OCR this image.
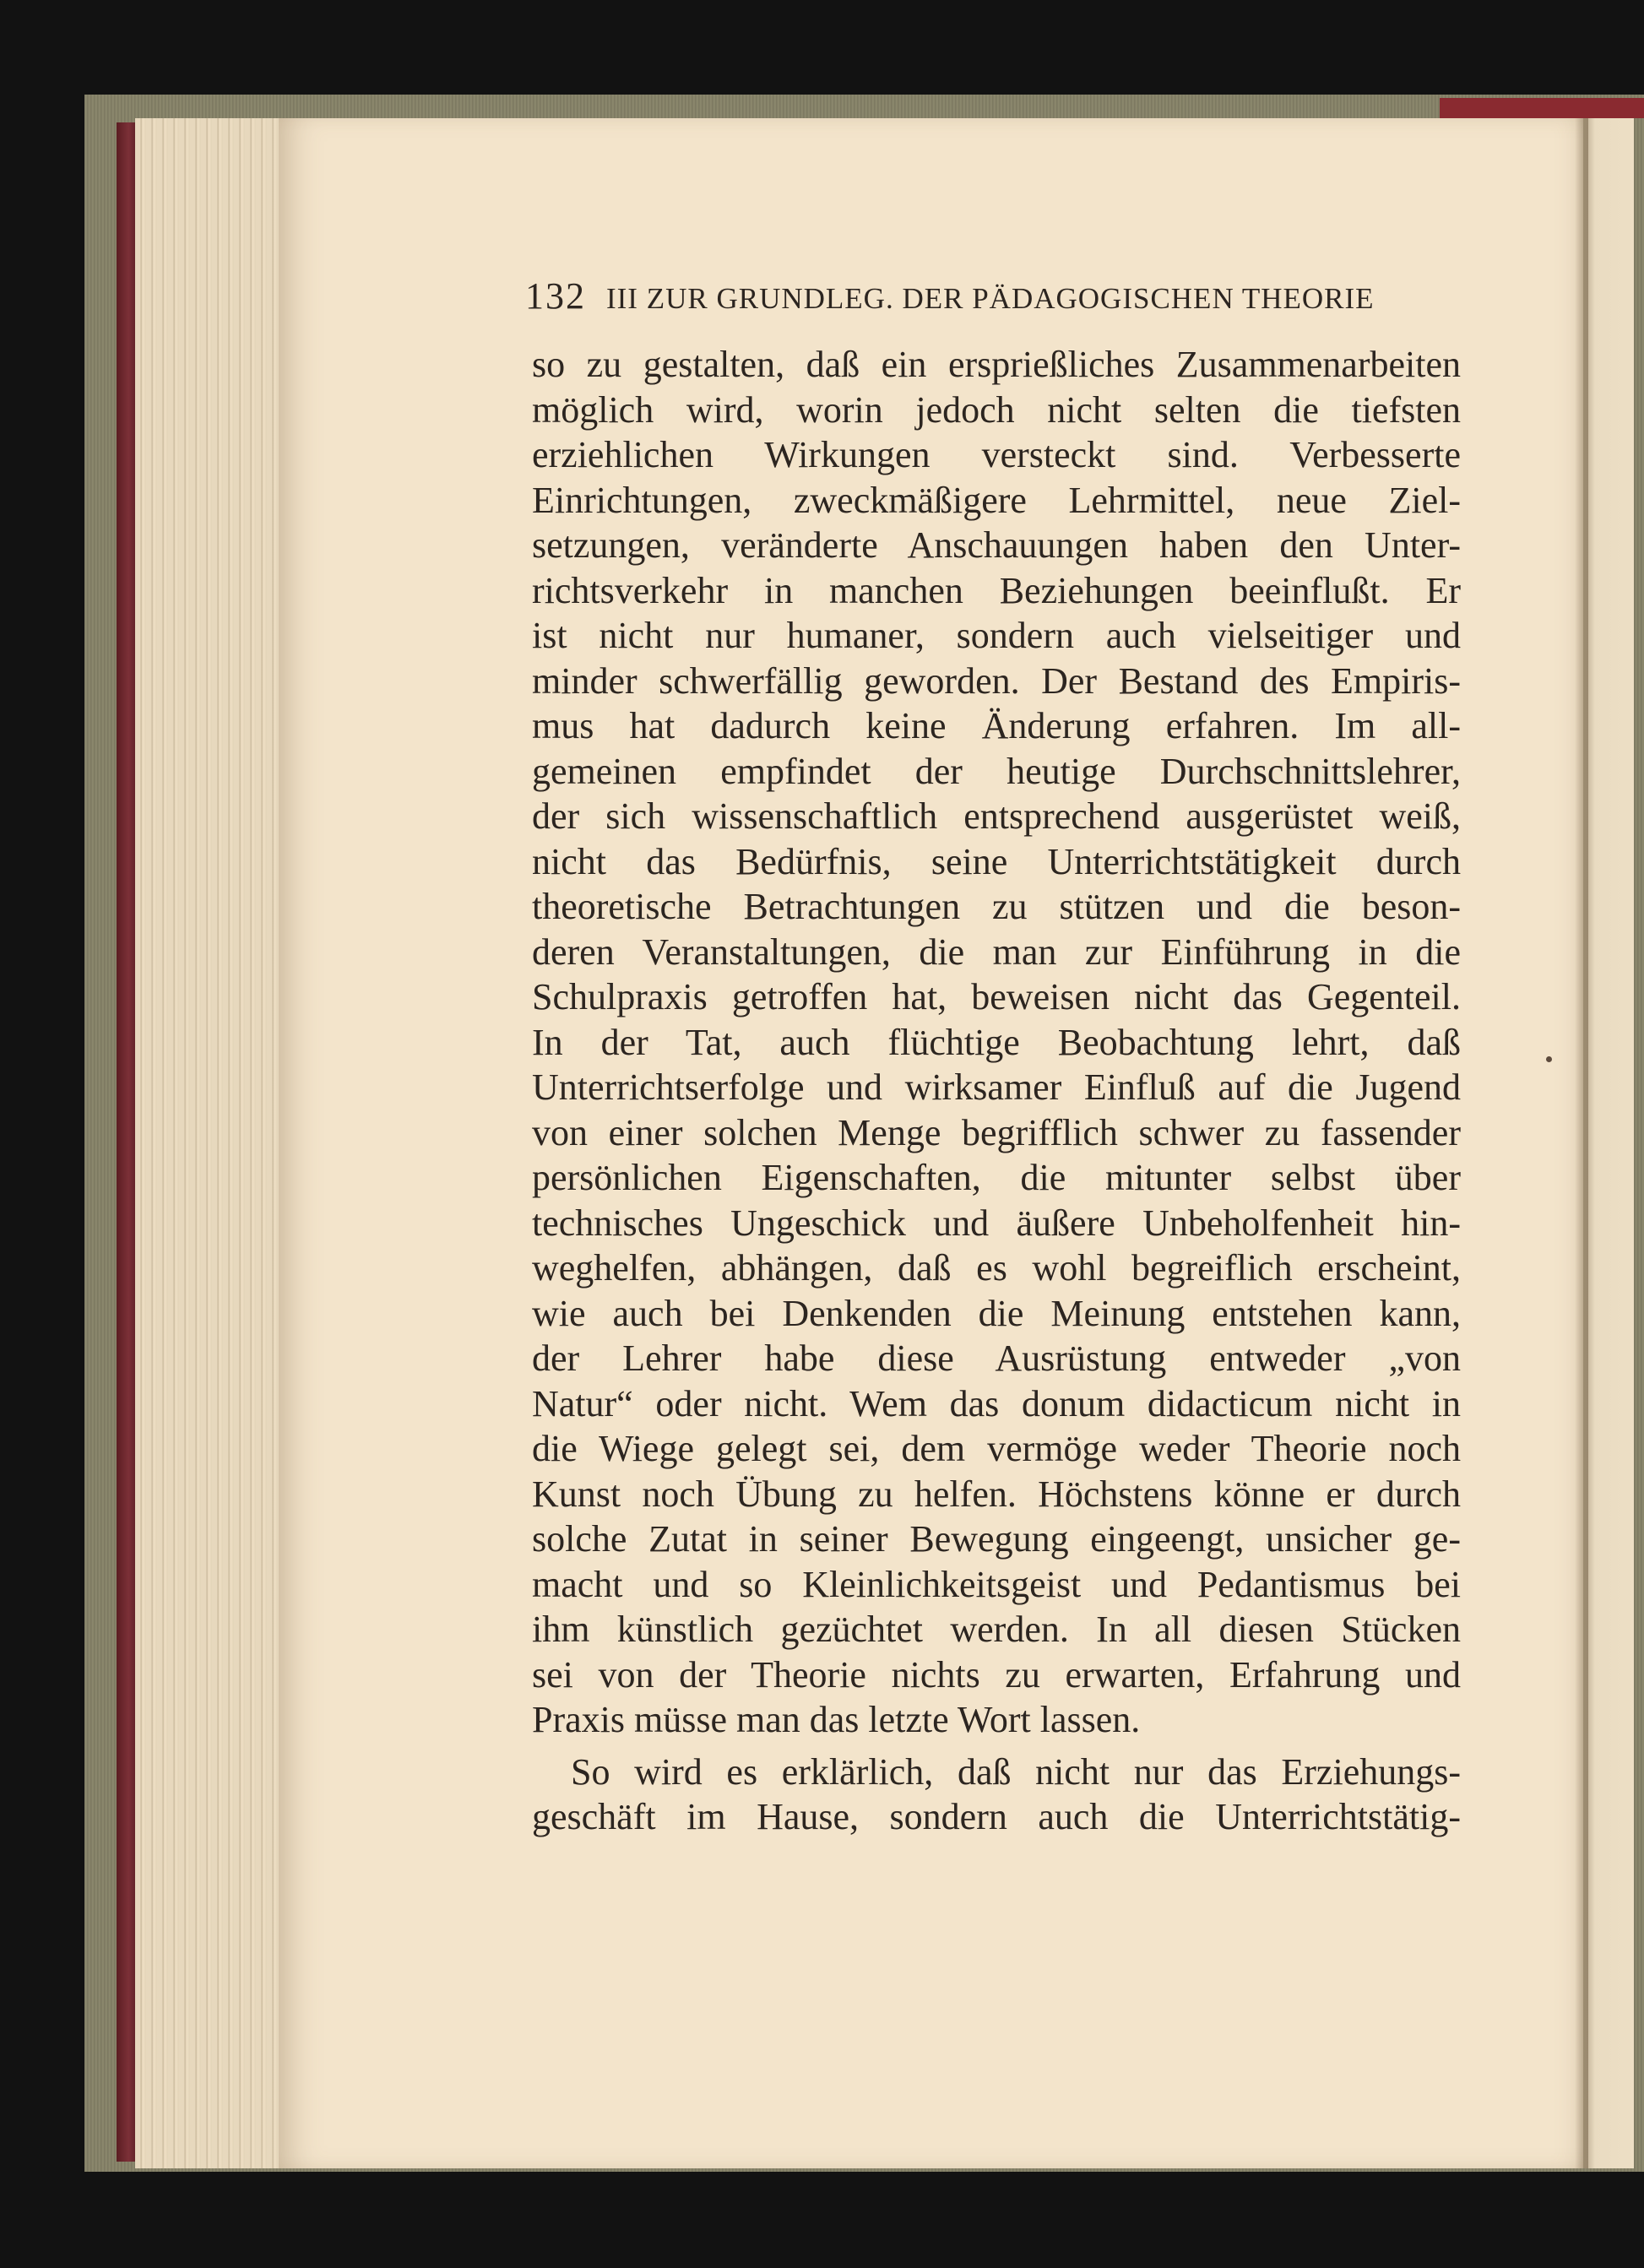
132 III ZUR GRUNDLEG. DER PÄDAGOGISCHEN THEORIE
so zu gestalten, daß ein ersprießliches Zusammenarbeiten
möglich wird, worin jedoch nicht selten die tiefsten
erziehlichen Wirkungen versteckt sind. Verbesserte
Einrichtungen, zweckmäßigere Lehrmittel, neue Ziel-
setzungen, veränderte Anschauungen haben den Unter-
richtsverkehr in manchen Beziehungen beeinflußt. Er
ist nicht nur humaner, sondern auch vielseitiger und
minder schwerfällig geworden. Der Bestand des Empiris-
mus hat dadurch keine Änderung erfahren. Im all-
gemeinen empfindet der heutige Durchschnittslehrer,
der sich wissenschaftlich entsprechend ausgerüstet weiß,
nicht das Bedürfnis, seine Unterrichtstätigkeit durch
theoretische Betrachtungen zu stützen und die beson-
deren Veranstaltungen, die man zur Einführung in die
Schulpraxis getroffen hat, beweisen nicht das Gegenteil.
In der Tat, auch flüchtige Beobachtung lehrt, daß
Unterrichtserfolge und wirksamer Einfluß auf die Jugend
von einer solchen Menge begrifflich schwer zu fassender
persönlichen Eigenschaften, die mitunter selbst über
technisches Ungeschick und äußere Unbeholfenheit hin-
weghelfen, abhängen, daß es wohl begreiflich erscheint,
wie auch bei Denkenden die Meinung entstehen kann,
der Lehrer habe diese Ausrüstung entweder „von
Natur“ oder nicht. Wem das donum didacticum nicht in
die Wiege gelegt sei, dem vermöge weder Theorie noch
Kunst noch Übung zu helfen. Höchstens könne er durch
solche Zutat in seiner Bewegung eingeengt, unsicher ge-
macht und so Kleinlichkeitsgeist und Pedantismus bei
ihm künstlich gezüchtet werden. In all diesen Stücken
sei von der Theorie nichts zu erwarten, Erfahrung und
Praxis müsse man das letzte Wort lassen.
So wird es erklärlich, daß nicht nur das Erziehungs-
geschäft im Hause, sondern auch die Unterrichtstätig-
